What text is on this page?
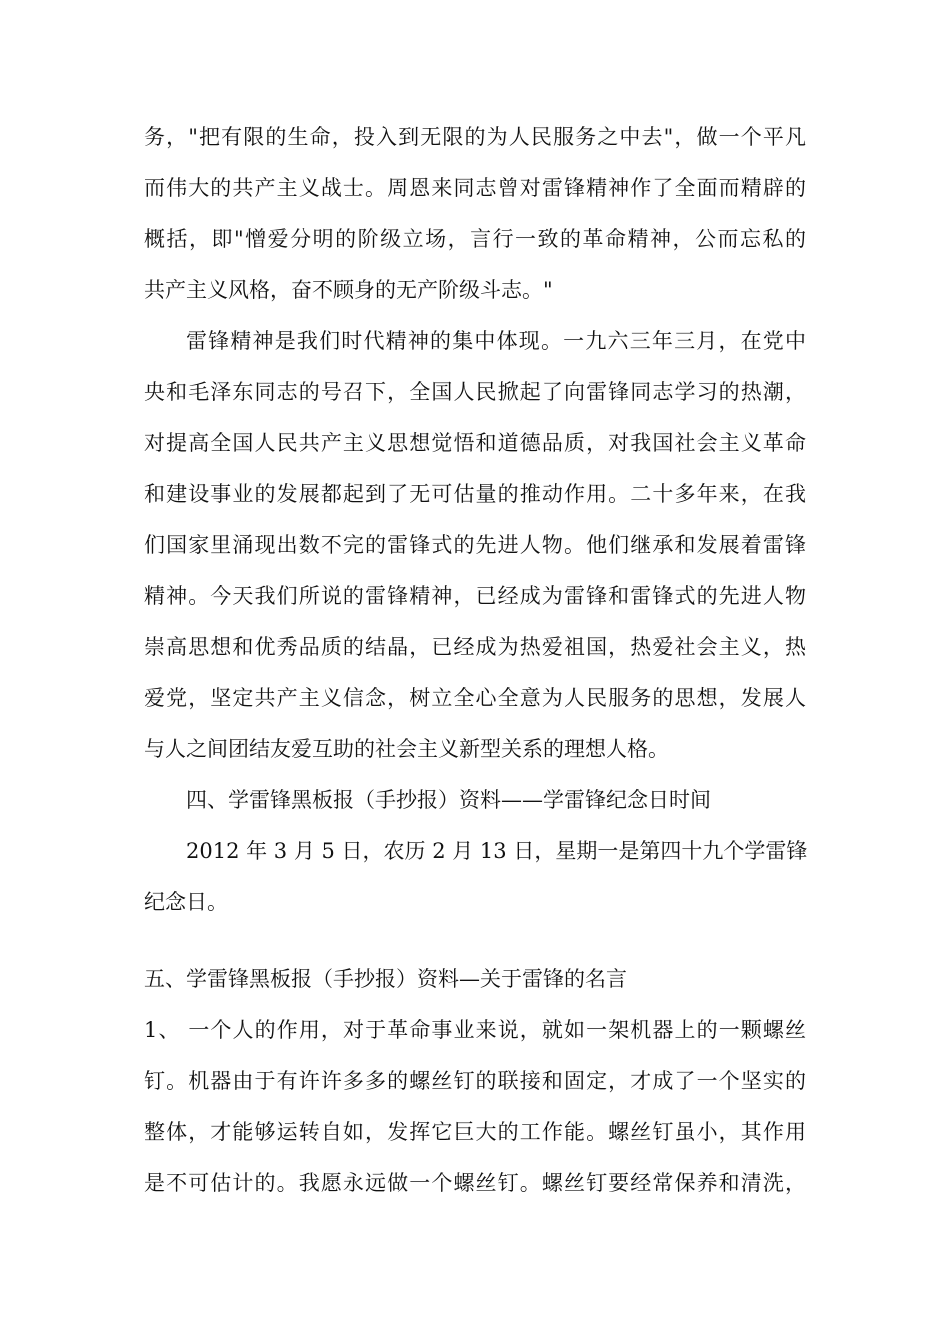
务，"把有限的生命，投入到无限的为人民服务之中去"，做一个平凡
而伟大的共产主义战士。周恩来同志曾对雷锋精神作了全面而精辟的
概括，即"憎爱分明的阶级立场，言行一致的革命精神，公而忘私的
共产主义风格，奋不顾身的无产阶级斗志。"
雷锋精神是我们时代精神的集中体现。一九六三年三月，在党中
央和毛泽东同志的号召下，全国人民掀起了向雷锋同志学习的热潮，
对提高全国人民共产主义思想觉悟和道德品质，对我国社会主义革命
和建设事业的发展都起到了无可估量的推动作用。二十多年来，在我
们国家里涌现出数不完的雷锋式的先进人物。他们继承和发展着雷锋
精神。今天我们所说的雷锋精神，已经成为雷锋和雷锋式的先进人物
崇高思想和优秀品质的结晶，已经成为热爱祖国，热爱社会主义，热
爱党，坚定共产主义信念，树立全心全意为人民服务的思想，发展人
与人之间团结友爱互助的社会主义新型关系的理想人格。
四、学雷锋黑板报（手抄报）资料——学雷锋纪念日时间
2012 年 3 月 5 日，农历 2 月 13 日，星期一是第四十九个学雷锋
纪念日。
五、学雷锋黑板报（手抄报）资料—关于雷锋的名言
1、 一个人的作用，对于革命事业来说，就如一架机器上的一颗螺丝
钉。机器由于有许许多多的螺丝钉的联接和固定，才成了一个坚实的
整体，才能够运转自如，发挥它巨大的工作能。螺丝钉虽小，其作用
是不可估计的。我愿永远做一个螺丝钉。螺丝钉要经常保养和清洗，
